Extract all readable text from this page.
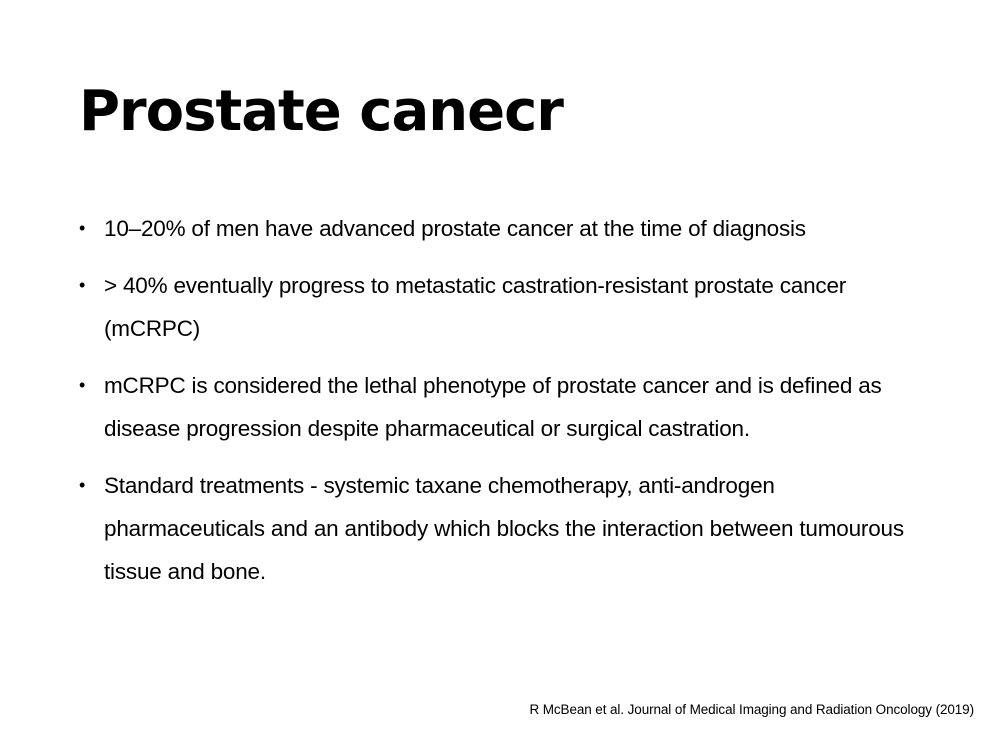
Prostate canecr
• 10–20% of men have advanced prostate cancer at the time of diagnosis
• > 40% eventually progress to metastatic castration-resistant prostate cancer (mCRPC)
• mCRPC is considered the lethal phenotype of prostate cancer and is defined as disease progression despite pharmaceutical or surgical castration.
• Standard treatments - systemic taxane chemotherapy, anti-androgen pharmaceuticals and an antibody which blocks the interaction between tumourous tissue and bone.

R McBean et al. Journal of Medical Imaging and Radiation Oncology (2019)
